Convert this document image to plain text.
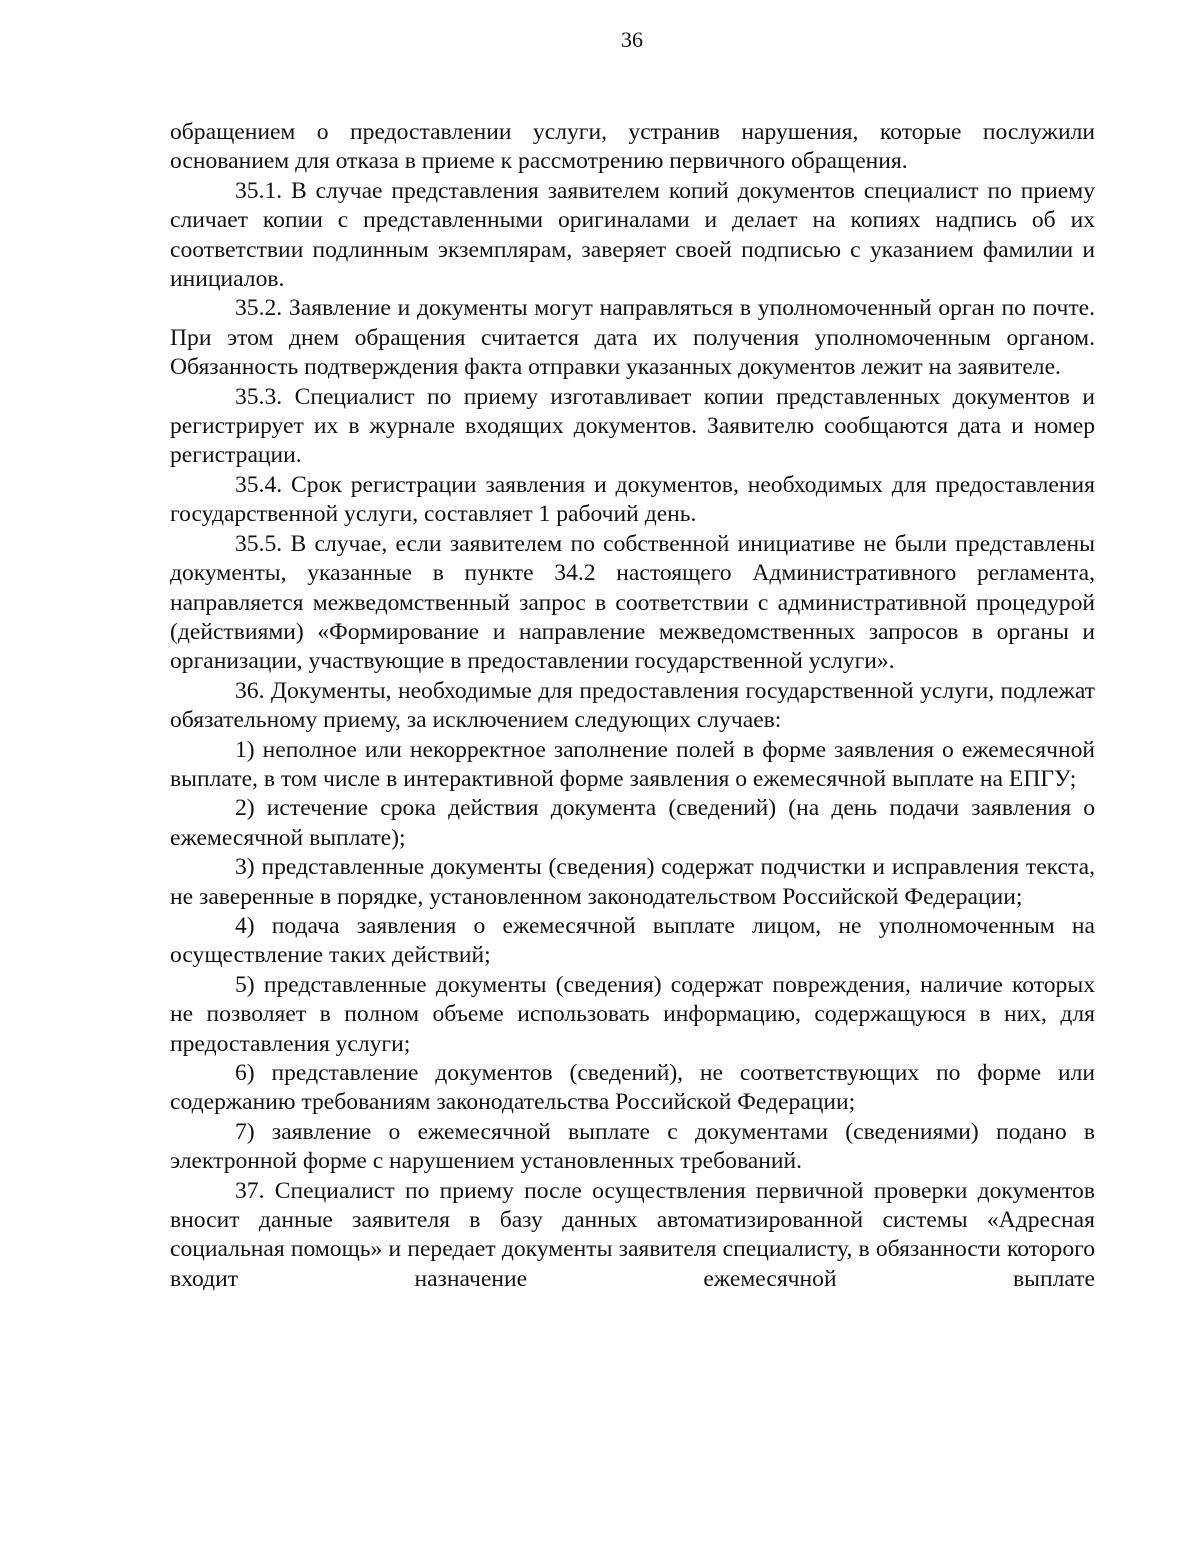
36

обращением о предоставлении услуги, устранив нарушения, которые послужили основанием для отказа в приеме к рассмотрению первичного обращения.

35.1. В случае представления заявителем копий документов специалист по приему сличает копии с представленными оригиналами и делает на копиях надпись об их соответствии подлинным экземплярам, заверяет своей подписью с указанием фамилии и инициалов.

35.2. Заявление и документы могут направляться в уполномоченный орган по почте. При этом днем обращения считается дата их получения уполномоченным органом. Обязанность подтверждения факта отправки указанных документов лежит на заявителе.

35.3. Специалист по приему изготавливает копии представленных документов и регистрирует их в журнале входящих документов. Заявителю сообщаются дата и номер регистрации.

35.4. Срок регистрации заявления и документов, необходимых для предоставления государственной услуги, составляет 1 рабочий день.

35.5. В случае, если заявителем по собственной инициативе не были представлены документы, указанные в пункте 34.2 настоящего Административного регламента, направляется межведомственный запрос в соответствии с административной процедурой (действиями) «Формирование и направление межведомственных запросов в органы и организации, участвующие в предоставлении государственной услуги».

36. Документы, необходимые для предоставления государственной услуги, подлежат обязательному приему, за исключением следующих случаев:

1) неполное или некорректное заполнение полей в форме заявления о ежемесячной выплате, в том числе в интерактивной форме заявления о ежемесячной выплате на ЕПГУ;

2) истечение срока действия документа (сведений) (на день подачи заявления о ежемесячной выплате);

3) представленные документы (сведения) содержат подчистки и исправления текста, не заверенные в порядке, установленном законодательством Российской Федерации;

4) подача заявления о ежемесячной выплате лицом, не уполномоченным на осуществление таких действий;

5) представленные документы (сведения) содержат повреждения, наличие которых не позволяет в полном объеме использовать информацию, содержащуюся в них, для предоставления услуги;

6) представление документов (сведений), не соответствующих по форме или содержанию требованиям законодательства Российской Федерации;

7) заявление о ежемесячной выплате с документами (сведениями) подано в электронной форме с нарушением установленных требований.

37. Специалист по приему после осуществления первичной проверки документов вносит данные заявителя в базу данных автоматизированной системы «Адресная социальная помощь» и передает документы заявителя специалисту, в обязанности которого входит назначение ежемесячной выплате
